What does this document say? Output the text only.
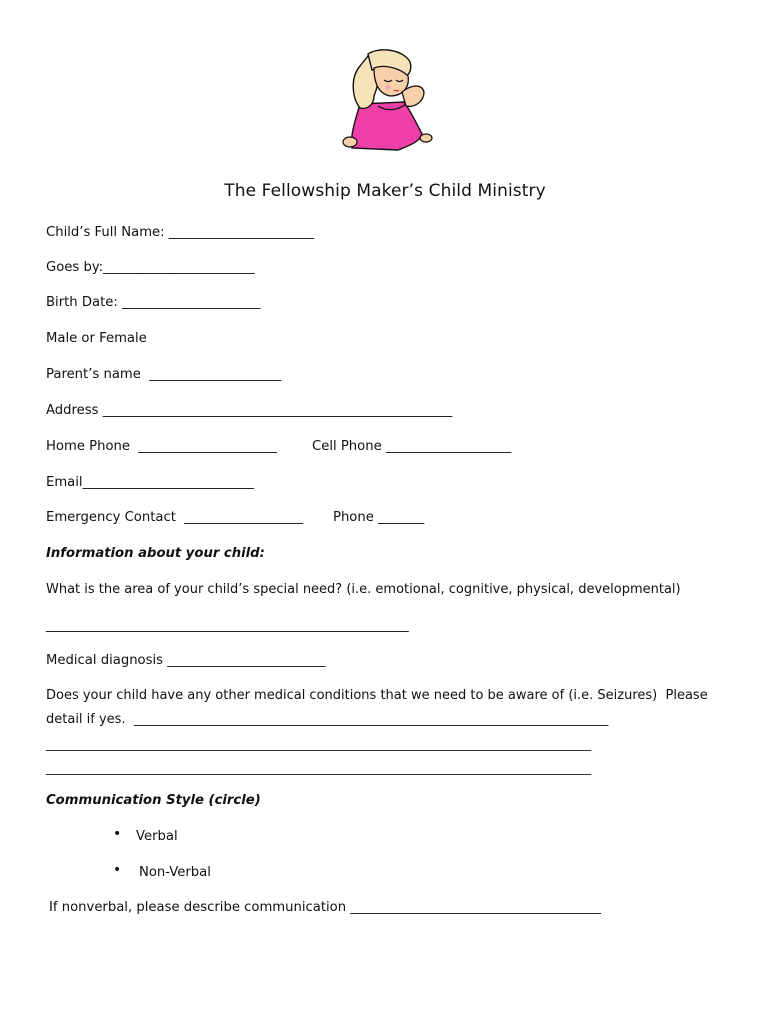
The Fellowship Maker’s Child Ministry
Child’s Full Name: ______________________
Goes by:_______________________
Birth Date: _____________________
Male or Female
Parent’s name  ____________________
Address _____________________________________________________
Home Phone  _____________________	Cell Phone ___________________
Email__________________________
Emergency Contact  __________________ Phone _______
Information about your child:
What is the area of your child’s special need? (i.e. emotional, cognitive, physical, developmental)
_______________________________________________________
Medical diagnosis ________________________
Does your child have any other medical conditions that we need to be aware of (i.e. Seizures)  Please
detail if yes.  _________________________________________________________________________
________________________________________________________________________________________
________________________________________________________________________________________
Communication Style (circle)
• Verbal
• Non-Verbal
If nonverbal, please describe communication ______________________________________
